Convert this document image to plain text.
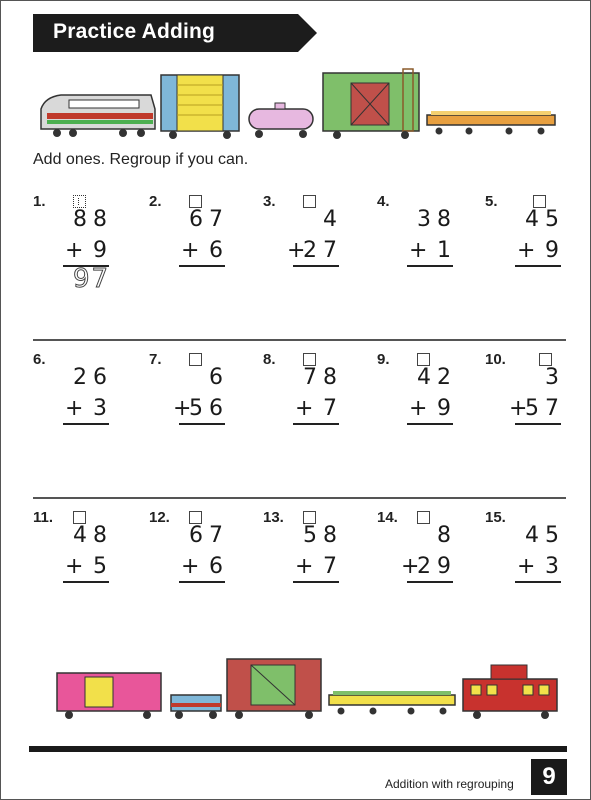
Practice Adding
Add ones. Regroup if you can.
1.
88
+ 9
97
2.
67
+ 6
3.
4
+
27
4.
38
+ 1
5.
45
+ 9
6.
26
+ 3
7.
6
+
56
8.
78
+ 7
9.
42
+ 9
10.
3
+
57
11.
48
+ 5
12.
67
+ 6
13.
58
+ 7
14.
8
+
29
15.
45
+ 3
Addition with regrouping	9
